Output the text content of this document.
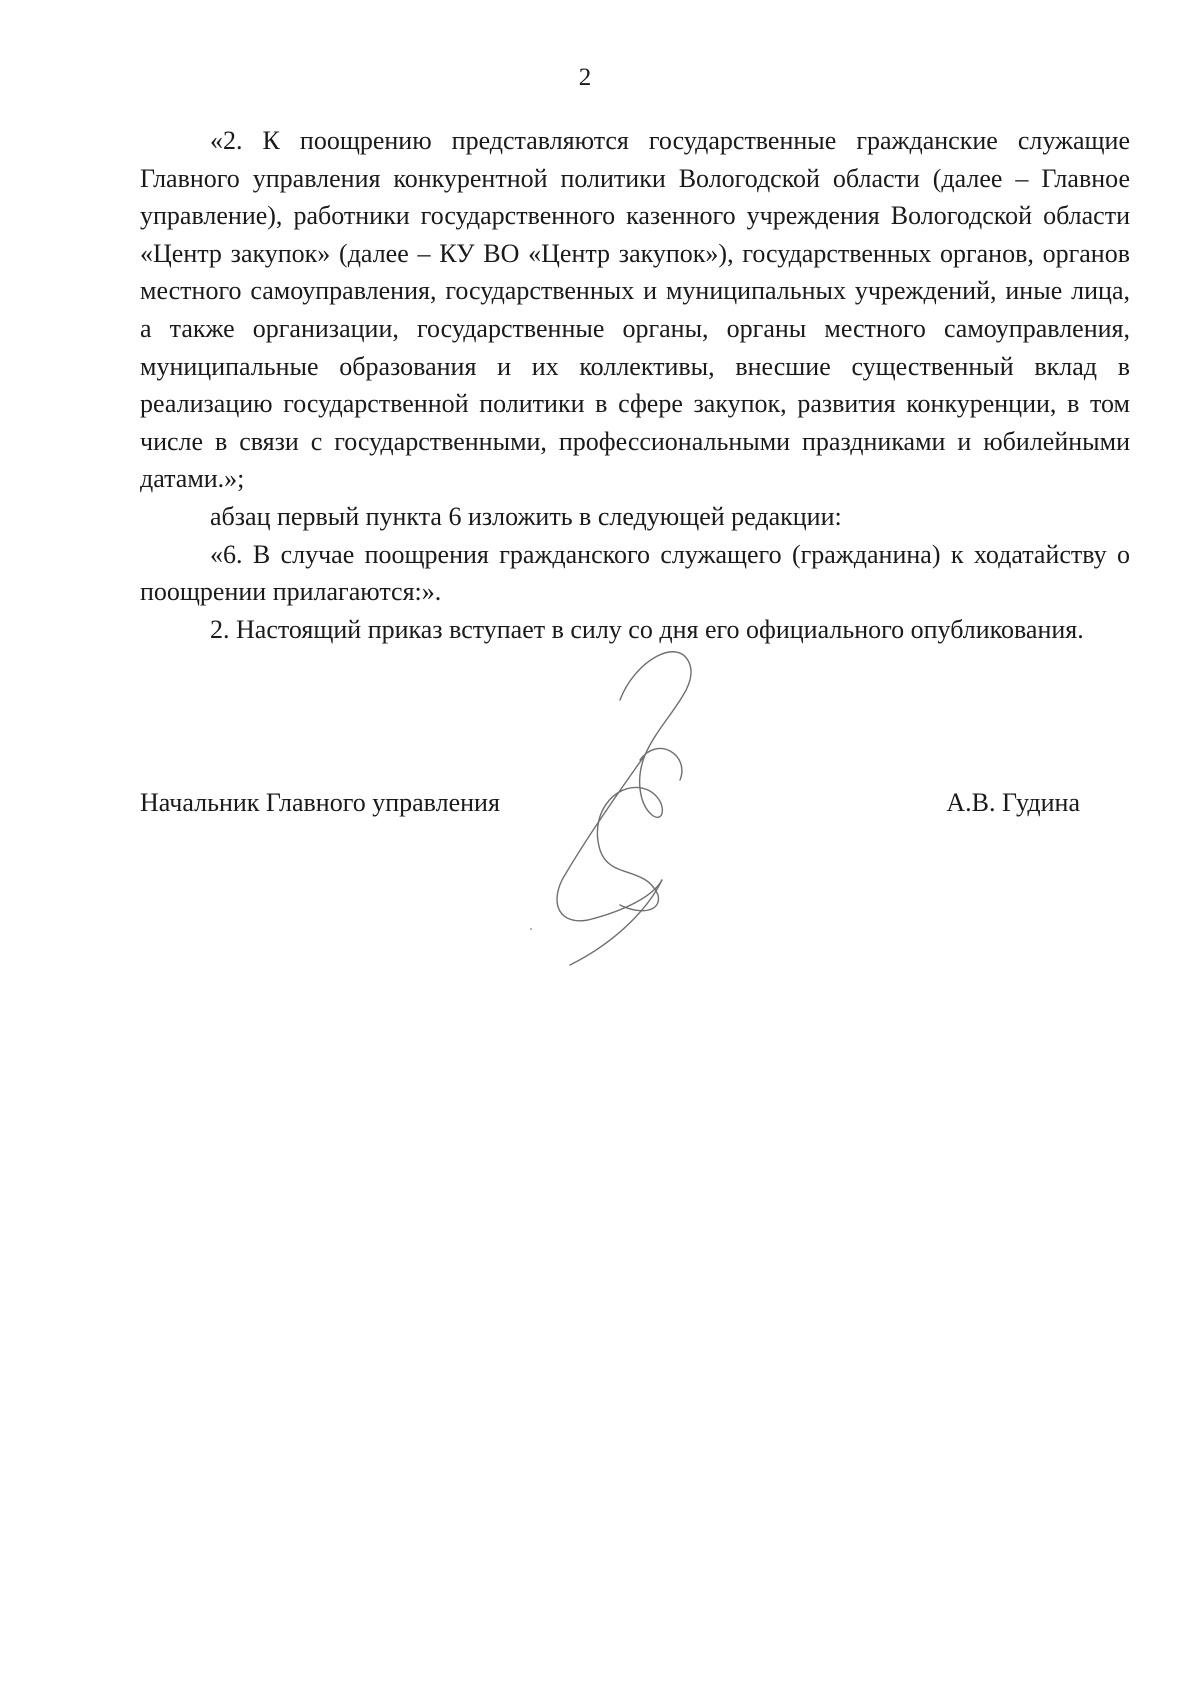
2

«2. К поощрению представляются государственные гражданские служащие Главного управления конкурентной политики Вологодской области (далее – Главное управление), работники государственного казенного учреждения Вологодской области «Центр закупок» (далее – КУ ВО «Центр закупок»), государственных органов, органов местного самоуправления, государственных и муниципальных учреждений, иные лица, а также организации, государственные органы, органы местного самоуправления, муниципальные образования и их коллективы, внесшие существенный вклад в реализацию государственной политики в сфере закупок, развития конкуренции, в том числе в связи с государственными, профессиональными праздниками и юбилейными датами.»;

абзац первый пункта 6 изложить в следующей редакции:

«6. В случае поощрения гражданского служащего (гражданина) к ходатайству о поощрении прилагаются:».

2. Настоящий приказ вступает в силу со дня его официального опубликования.

Начальник Главного управления	А.В. Гудина
